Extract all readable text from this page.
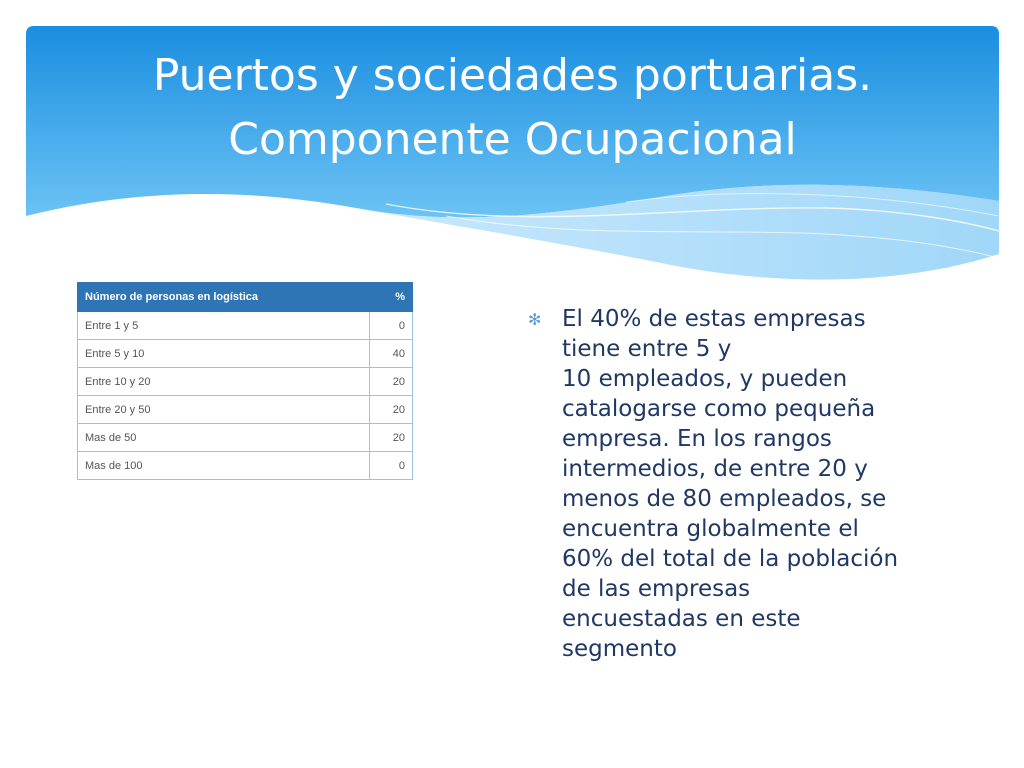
Puertos y sociedades portuarias.
Componente Ocupacional
Número de personas en logística	%
Entre 1 y 5	0
Entre 5 y 10	40
Entre 10 y 20	20
Entre 20 y 50	20
Mas de 50	20
Mas de 100	0
✻ El 40% de estas empresas
tiene entre 5 y
10 empleados, y pueden
catalogarse como pequeña
empresa. En los rangos
intermedios, de entre 20 y
menos de 80 empleados, se
encuentra globalmente el
60% del total de la población
de las empresas
encuestadas en este
segmento
